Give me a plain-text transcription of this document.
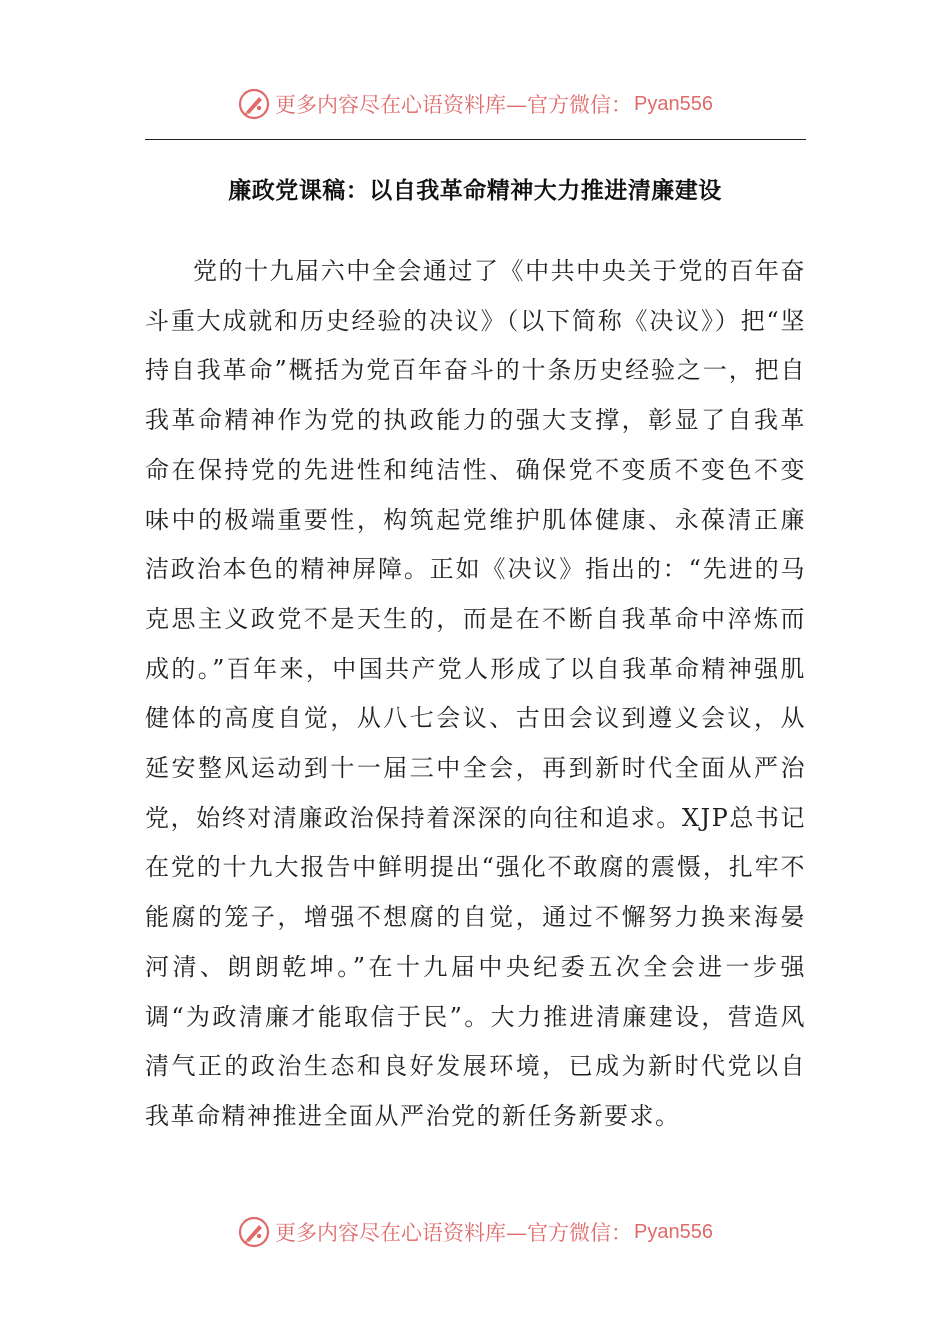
更多内容尽在心语资料库—官方微信： Pyan556
廉政党课稿：以自我革命精神大力推进清廉建设

党的十九届六中全会通过了《中共中央关于党的百年奋斗重大成就和历史经验的决议》（以下简称《决议》）把“坚持自我革命”概括为党百年奋斗的十条历史经验之一，把自我革命精神作为党的执政能力的强大支撑，彰显了自我革命在保持党的先进性和纯洁性、确保党不变质不变色不变味中的极端重要性，构筑起党维护肌体健康、永葆清正廉洁政治本色的精神屏障。正如《决议》指出的：“先进的马克思主义政党不是天生的，而是在不断自我革命中淬炼而成的。”百年来，中国共产党人形成了以自我革命精神强肌健体的高度自觉，从八七会议、古田会议到遵义会议，从延安整风运动到十一届三中全会，再到新时代全面从严治党，始终对清廉政治保持着深深的向往和追求。XJP总书记在党的十九大报告中鲜明提出“强化不敢腐的震慑，扎牢不能腐的笼子，增强不想腐的自觉，通过不懈努力换来海晏河清、朗朗乾坤。”在十九届中央纪委五次全会进一步强调“为政清廉才能取信于民”。大力推进清廉建设，营造风清气正的政治生态和良好发展环境，已成为新时代党以自我革命精神推进全面从严治党的新任务新要求。

更多内容尽在心语资料库—官方微信： Pyan556
